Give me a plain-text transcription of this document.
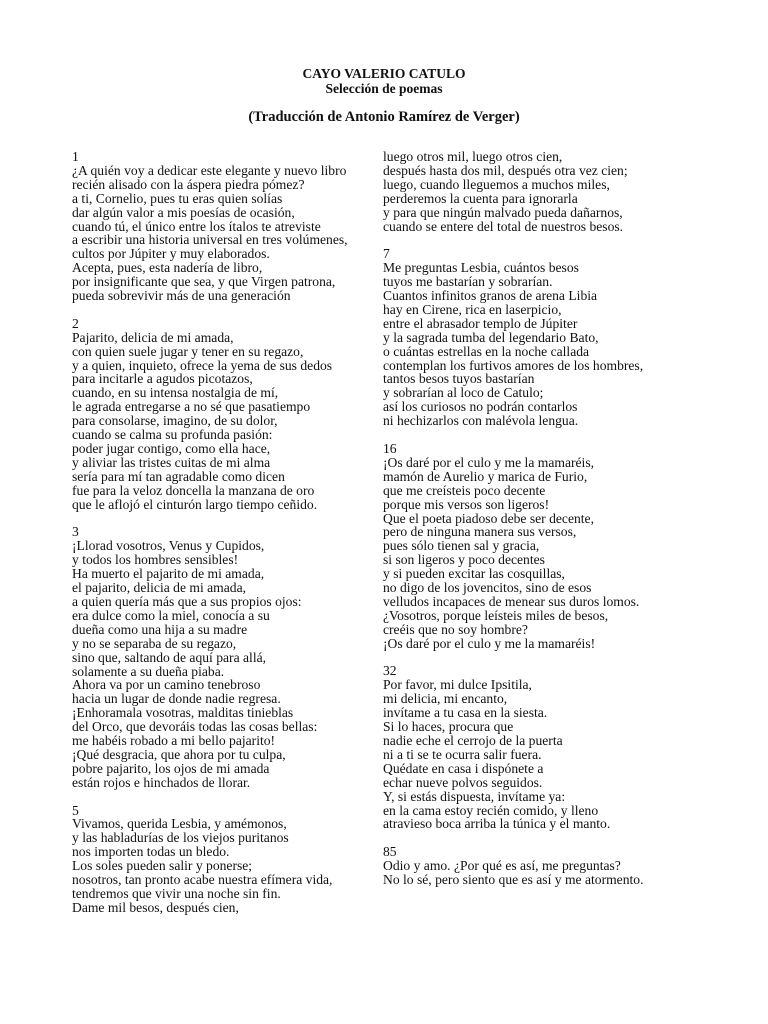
CAYO VALERIO CATULO
Selección de poemas
(Traducción de Antonio Ramírez de Verger)
1
¿A quién voy a dedicar este elegante y nuevo libro
recién alisado con la áspera piedra pómez?
a ti, Cornelio, pues tu eras quien solías
dar algún valor a mis poesías de ocasión,
cuando tú, el único entre los ítalos te atreviste
a escribir una historia universal en tres volúmenes,
cultos por Júpiter y muy elaborados.
Acepta, pues, esta nadería de libro,
por insignificante que sea, y que Virgen patrona,
pueda sobrevivir más de una generación
2
Pajarito, delicia de mi amada,
con quien suele jugar y tener en su regazo,
y a quien, inquieto, ofrece la yema de sus dedos
para incitarle a agudos picotazos,
cuando, en su intensa nostalgia de mí,
le agrada entregarse a no sé que pasatiempo
para consolarse, imagino, de su dolor,
cuando se calma su profunda pasión:
poder jugar contigo, como ella hace,
y aliviar las tristes cuitas de mi alma
sería para mí tan agradable como dicen
fue para la veloz doncella la manzana de oro
que le aflojó el cinturón largo tiempo ceñido.
3
¡Llorad vosotros, Venus y Cupidos,
y todos los hombres sensibles!
Ha muerto el pajarito de mi amada,
el pajarito, delicia de mi amada,
a quien quería más que a sus propios ojos:
era dulce como la miel, conocía a su
dueña como una hija a su madre
y no se separaba de su regazo,
sino que, saltando de aquí para allá,
solamente a su dueña piaba.
Ahora va por un camino tenebroso
hacia un lugar de donde nadie regresa.
¡Enhoramala vosotras, malditas tinieblas
del Orco, que devoráis todas las cosas bellas:
me habéis robado a mi bello pajarito!
¡Qué desgracia, que ahora por tu culpa,
pobre pajarito, los ojos de mi amada
están rojos e hinchados de llorar.
5
Vivamos, querida Lesbia, y amémonos,
y las habladurías de los viejos puritanos
nos importen todas un bledo.
Los soles pueden salir y ponerse;
nosotros, tan pronto acabe nuestra efímera vida,
tendremos que vivir una noche sin fin.
Dame mil besos, después cien,
luego otros mil, luego otros cien,
después hasta dos mil, después otra vez cien;
luego, cuando lleguemos a muchos miles,
perderemos la cuenta para ignorarla
y para que ningún malvado pueda dañarnos,
cuando se entere del total de nuestros besos.
7
Me preguntas Lesbia, cuántos besos
tuyos me bastarían y sobrarían.
Cuantos infinitos granos de arena Libia
hay en Cirene, rica en laserpicio,
entre el abrasador templo de Júpiter
y la sagrada tumba del legendario Bato,
o cuántas estrellas en la noche callada
contemplan los furtivos amores de los hombres,
tantos besos tuyos bastarían
y sobrarían al loco de Catulo;
así los curiosos no podrán contarlos
ni hechizarlos con malévola lengua.
16
¡Os daré por el culo y me la mamaréis,
mamón de Aurelio y marica de Furio,
que me creísteis poco decente
porque mis versos son ligeros!
Que el poeta piadoso debe ser decente,
pero de ninguna manera sus versos,
pues sólo tienen sal y gracia,
si son ligeros y poco decentes
y si pueden excitar las cosquillas,
no digo de los jovencitos, sino de esos
velludos incapaces de menear sus duros lomos.
¿Vosotros, porque leísteis miles de besos,
creéis que no soy hombre?
¡Os daré por el culo y me la mamaréis!
32
Por favor, mi dulce Ipsitila,
mi delicia, mi encanto,
invítame a tu casa en la siesta.
Si lo haces, procura que
nadie eche el cerrojo de la puerta
ni a ti se te ocurra salir fuera.
Quédate en casa i dispónete a
echar nueve polvos seguidos.
Y, si estás dispuesta, invítame ya:
en la cama estoy recién comido, y lleno
atravieso boca arriba la túnica y el manto.
85
Odio y amo. ¿Por qué es así, me preguntas?
No lo sé, pero siento que es así y me atormento.
